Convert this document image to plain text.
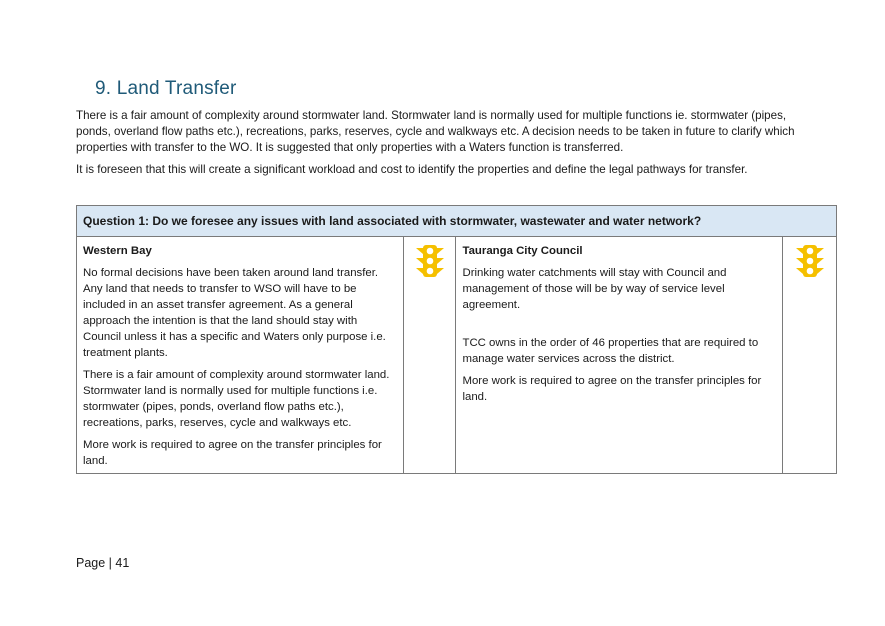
9. Land Transfer

There is a fair amount of complexity around stormwater land. Stormwater land is normally used for multiple functions ie. stormwater (pipes, ponds, overland flow paths etc.), recreations, parks, reserves, cycle and walkways etc. A decision needs to be taken in future to clarify which properties with transfer to the WO. It is suggested that only properties with a Waters function is transferred.

It is foreseen that this will create a significant workload and cost to identify the properties and define the legal pathways for transfer.

Question 1: Do we foresee any issues with land associated with stormwater, wastewater and water network?

Western Bay

No formal decisions have been taken around land transfer. Any land that needs to transfer to WSO will have to be included in an asset transfer agreement. As a general approach the intention is that the land should stay with Council unless it has a specific and Waters only purpose i.e. treatment plants.

There is a fair amount of complexity around stormwater land. Stormwater land is normally used for multiple functions i.e. stormwater (pipes, ponds, overland flow paths etc.), recreations, parks, reserves, cycle and walkways etc.

More work is required to agree on the transfer principles for land.

Tauranga City Council

Drinking water catchments will stay with Council and management of those will be by way of service level agreement.

TCC owns in the order of 46 properties that are required to manage water services across the district.

More work is required to agree on the transfer principles for land.

Page | 41
